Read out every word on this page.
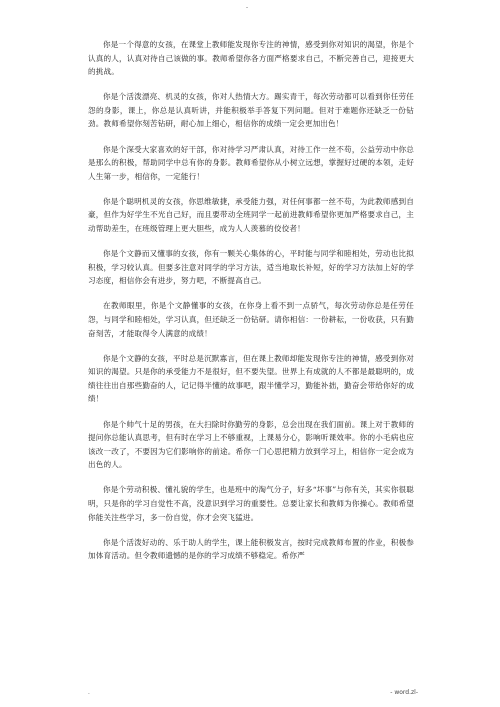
-

你是一个得意的女孩，在课堂上教师能发现你专注的神情，感受到你对知识的渴望，你是个认真的人，认真对待自己该做的事。教师希望你各方面严格要求自己，不断完善自己，迎接更大的挑战。

你是个活泼漂亮、机灵的女孩，你对人热情大方。踢实青干，每次劳动都可以看到你任劳任怨的身影，课上，你总是认真听讲，并能积极举手答复下列问题。但对于难题你还缺乏一份钻劲。教师希望你刻苦钻研，耐心加上细心，相信你的成绩一定会更加出色！

你是个深受大家喜欢的好干部，你对待学习严肃认真，对待工作一丝不苟，公益劳动中你总是那么的积极，帮助同学中总有你的身影。教师希望你从小树立远想，掌握好过硬的本领，走好人生第一步，相信你，一定能行！

你是个聪明机灵的女孩，你思维敏捷，承受能力强，对任何事都一丝不苟，为此教师感到自豪，但作为好学生不光自己好，而且要带动全班同学一起前进教师希望你更加严格要求自己，主动帮助差生，在班级管理上更大胆些，成为人人羡慕的佼佼者！

你是个文静而又懂事的女孩，你有一颗关心集体的心，平时能与同学和睦相处，劳动也比拟积极，学习较认真。但要多注意对同学的学习方法，适当地取长补短，好的学习方法加上好的学习态度，相信你会有进步，努力吧，不断提高自己。

在教师眼里，你是个文静懂事的女孩，在你身上看不到一点骄气，每次劳动你总是任劳任怨，与同学和睦相处，学习认真，但还缺乏一份钻研。请你相信：一份耕耘，一份收获，只有勤奋刻苦，才能取得令人满意的成绩！

你是个文静的女孩，平时总是沉默寡言，但在课上教师却能发现你专注的神情，感受到你对知识的渴望。只是你的承受能力不是很好，但不要失望。世界上有成就的人不都是最聪明的，成绩往往出自那些勤奋的人，记记得半懂的故事吧，跟半懂学习，勤能补拙，勤奋会带给你好的成绩！

你是个帅气十足的男孩，在大扫除时你勤劳的身影，总会出现在我们面前。课上对于教师的提问你总能认真思考，但有时在学习上不够重视，上课易分心，影响听课效率。你的小毛病也应该改一改了，不要因为它们影响你的前途。希你一门心思把精力放到学习上，相信你一定会成为出色的人。

你是个劳动积极、懂礼貌的学生，也是班中的淘气分子，好多“坏事”与你有关，其实你很聪明，只是你的学习自觉性不高，没意识到学习的重要性。总要让家长和教师为你操心。教师希望你能关注些学习，多一份自觉，你才会突飞猛进。

你是个活泼好动的、乐于助人的学生，课上能积极发言，按时完成教师布置的作业，积极参加体育活动。但令教师遗憾的是你的学习成绩不够稳定。希你严

-	- word.zl-
